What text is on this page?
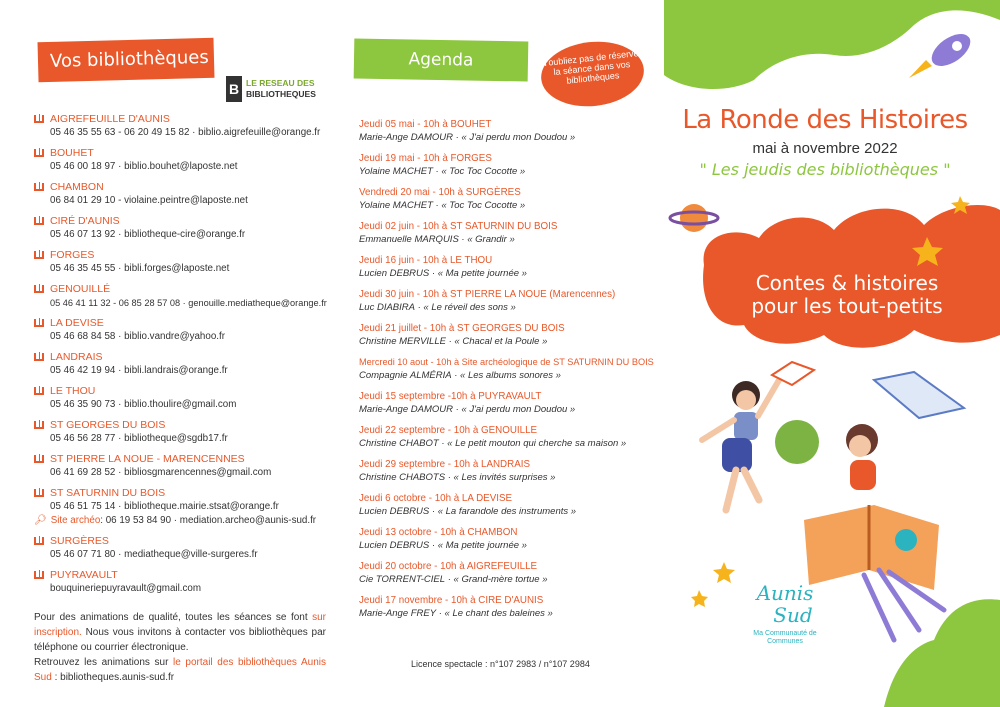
Vos bibliothèques
B LE RESEAU DES
BIBLIOTHEQUES
AIGREFEUILLE D'AUNIS
05 46 35 55 63 - 06 20 49 15 82 · biblio.aigrefeuille@orange.fr
BOUHET
05 46 00 18 97 · biblio.bouhet@laposte.net
CHAMBON
06 84 01 29 10 - violaine.peintre@laposte.net
CIRÉ D'AUNIS
05 46 07 13 92 · bibliotheque-cire@orange.fr
FORGES
05 46 35 45 55 · bibli.forges@laposte.net
GENOUILLÉ
05 46 41 11 32 - 06 85 28 57 08 · genouille.mediatheque@orange.fr
LA DEVISE
05 46 68 84 58 · biblio.vandre@yahoo.fr
LANDRAIS
05 46 42 19 94 · bibli.landrais@orange.fr
LE THOU
05 46 35 90 73 · biblio.thoulire@gmail.com
ST GEORGES DU BOIS
05 46 56 28 77 · bibliotheque@sgdb17.fr
ST PIERRE LA NOUE - MARENCENNES
06 41 69 28 52 · bibliosgmarencennes@gmail.com
ST SATURNIN DU BOIS
05 46 51 75 14 · bibliotheque.mairie.stsat@orange.fr
🔎︎ Site archéo : 06 19 53 84 90 · mediation.archeo@aunis-sud.fr
SURGÈRES
05 46 07 71 80 · mediatheque@ville-surgeres.fr
PUYRAVAULT
bouquineriepuyravault@gmail.com
Pour des animations de qualité, toutes les séances se font sur inscription. Nous vous invitons à contacter vos bibliothèques par téléphone ou courrier électronique.
Retrouvez les animations sur le portail des bibliothèques Aunis Sud : bibliotheques.aunis-sud.fr
Agenda	N'oubliez pas de réserver la séance dans vos bibliothèques
Jeudi 05 mai - 10h à BOUHET
Marie-Ange DAMOUR · « J'ai perdu mon Doudou »
Jeudi 19 mai - 10h à FORGES
Yolaine MACHET · « Toc Toc Cocotte »
Vendredi 20 mai - 10h à SURGÈRES
Yolaine MACHET · « Toc Toc Cocotte »
Jeudi 02 juin - 10h à ST SATURNIN DU BOIS
Emmanuelle MARQUIS · « Grandir »
Jeudi 16 juin - 10h à LE THOU
Lucien DEBRUS · « Ma petite journée »
Jeudi 30 juin - 10h à ST PIERRE LA NOUE (Marencennes)
Luc DIABIRA · « Le réveil des sons »
Jeudi 21 juillet - 10h à ST GEORGES DU BOIS
Christine MERVILLE · « Chacal et la Poule »
Mercredi 10 aout - 10h à Site archéologique de ST SATURNIN DU BOIS
Compagnie ALMÉRIA · « Les albums sonores »
Jeudi 15 septembre -10h à PUYRAVAULT
Marie-Ange DAMOUR · « J'ai perdu mon Doudou »
Jeudi 22 septembre - 10h à GENOUILLE
Christine CHABOT · « Le petit mouton qui cherche sa maison »
Jeudi 29 septembre - 10h à LANDRAIS
Christine CHABOTS · « Les invités surprises »
Jeudi 6 octobre - 10h à LA DEVISE
Lucien DEBRUS · « La farandole des instruments »
Jeudi 13 octobre - 10h à CHAMBON
Lucien DEBRUS · « Ma petite journée »
Jeudi 20 octobre - 10h à AIGREFEUILLE
Cie TORRENT-CIEL · « Grand-mère tortue »
Jeudi 17 novembre - 10h à CIRE D'AUNIS
Marie-Ange FREY · « Le chant des baleines »
Licence spectacle : n°107 2983 / n°107 2984
La Ronde des Histoires
mai à novembre 2022
" Les jeudis des bibliothèques "
Contes & histoires
pour les tout-petits
Aunis
Sud
Ma Communauté de Communes
